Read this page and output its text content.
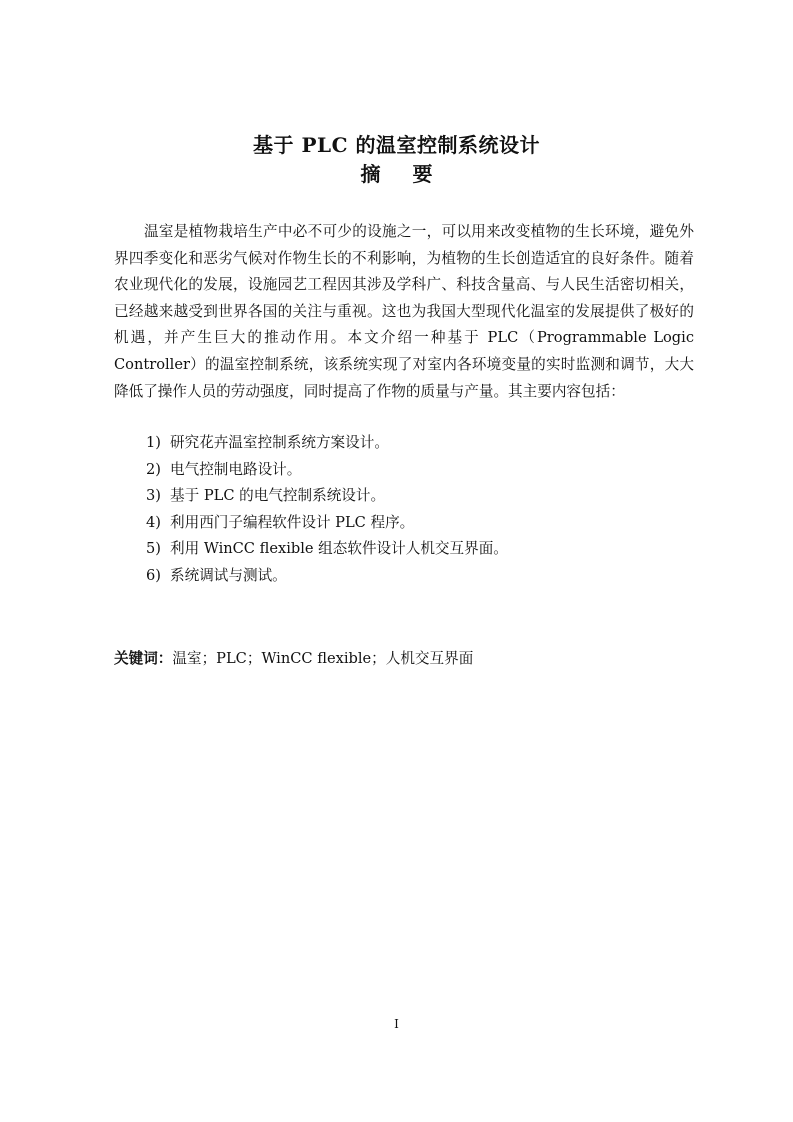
基于 PLC 的温室控制系统设计
摘要

温室是植物栽培生产中必不可少的设施之一，可以用来改变植物的生长环境，避免外界四季变化和恶劣气候对作物生长的不利影响，为植物的生长创造适宜的良好条件。随着农业现代化的发展，设施园艺工程因其涉及学科广、科技含量高、与人民生活密切相关，已经越来越受到世界各国的关注与重视。这也为我国大型现代化温室的发展提供了极好的机遇，并产生巨大的推动作用。本文介绍一种基于 PLC（Programmable Logic Controller）的温室控制系统，该系统实现了对室内各环境变量的实时监测和调节，大大降低了操作人员的劳动强度，同时提高了作物的质量与产量。其主要内容包括：

1) 研究花卉温室控制系统方案设计。
2) 电气控制电路设计。
3) 基于 PLC 的电气控制系统设计。
4) 利用西门子编程软件设计 PLC 程序。
5) 利用 WinCC flexible 组态软件设计人机交互界面。
6) 系统调试与测试。
关键词：温室；PLC；WinCC flexible；人机交互界面
I
